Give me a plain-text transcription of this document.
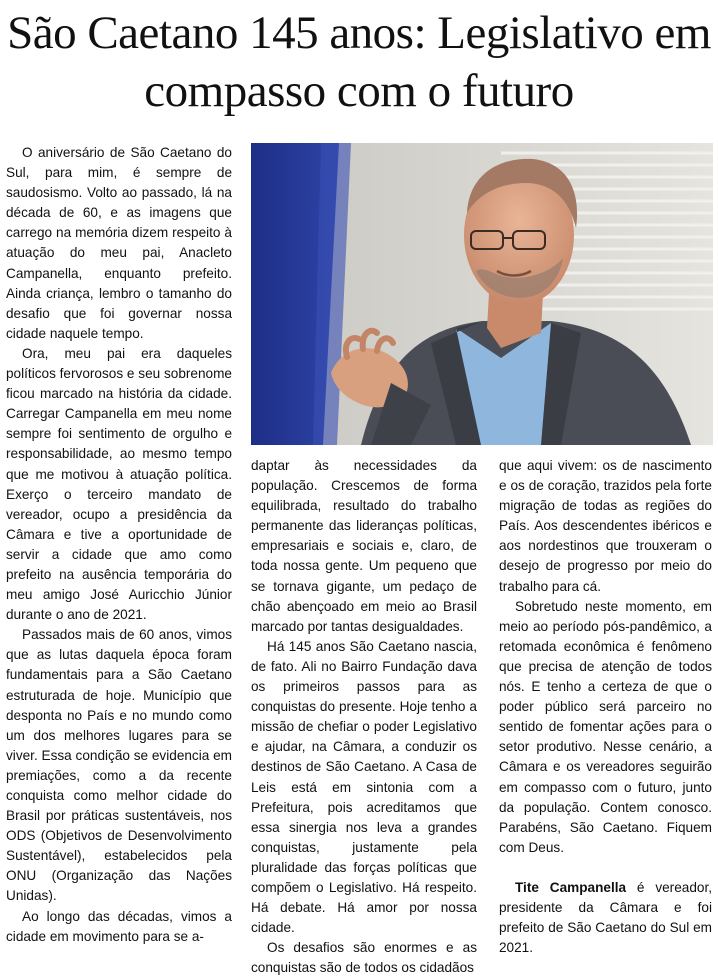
São Caetano 145 anos: Legislativo em compasso com o futuro

O aniversário de São Caetano do Sul, para mim, é sempre de saudosismo. Volto ao passado, lá na década de 60, e as imagens que carrego na memória dizem respeito à atuação do meu pai, Anacleto Campanella, enquanto prefeito. Ainda criança, lembro o tamanho do desafio que foi governar nossa cidade naquele tempo.

Ora, meu pai era daqueles políticos fervorosos e seu sobrenome ficou marcado na história da cidade. Carregar Campanella em meu nome sempre foi sentimento de orgulho e responsabilidade, ao mesmo tempo que me motivou à atuação política. Exerço o terceiro mandato de vereador, ocupo a presidência da Câmara e tive a oportunidade de servir a cidade que amo como prefeito na ausência temporária do meu amigo José Auricchio Júnior durante o ano de 2021.

Passados mais de 60 anos, vimos que as lutas daquela época foram fundamentais para a São Caetano estruturada de hoje. Município que desponta no País e no mundo como um dos melhores lugares para se viver. Essa condição se evidencia em premiações, como a da recente conquista como melhor cidade do Brasil por práticas sustentáveis, nos ODS (Objetivos de Desenvolvimento Sustentável), estabelecidos pela ONU (Organização das Nações Unidas).

Ao longo das décadas, vimos a cidade em movimento para se a-

daptar às necessidades da população. Crescemos de forma equilibrada, resultado do trabalho permanente das lideranças políticas, empresariais e sociais e, claro, de toda nossa gente. Um pequeno que se tornava gigante, um pedaço de chão abençoado em meio ao Brasil marcado por tantas desigualdades.

Há 145 anos São Caetano nascia, de fato. Ali no Bairro Fundação dava os primeiros passos para as conquistas do presente. Hoje tenho a missão de chefiar o poder Legislativo e ajudar, na Câmara, a conduzir os destinos de São Caetano. A Casa de Leis está em sintonia com a Prefeitura, pois acreditamos que essa sinergia nos leva a grandes conquistas, justamente pela pluralidade das forças políticas que compõem o Legislativo. Há respeito. Há debate. Há amor por nossa cidade.

Os desafios são enormes e as conquistas são de todos os cidadãos

que aqui vivem: os de nascimento e os de coração, trazidos pela forte migração de todas as regiões do País. Aos descendentes ibéricos e aos nordestinos que trouxeram o desejo de progresso por meio do trabalho para cá.

Sobretudo neste momento, em meio ao período pós-pandêmico, a retomada econômica é fenômeno que precisa de atenção de todos nós. E tenho a certeza de que o poder público será parceiro no sentido de fomentar ações para o setor produtivo. Nesse cenário, a Câmara e os vereadores seguirão em compasso com o futuro, junto da população. Contem conosco. Parabéns, São Caetano. Fiquem com Deus.

Tite Campanella é vereador, presidente da Câmara e foi prefeito de São Caetano do Sul em 2021.
